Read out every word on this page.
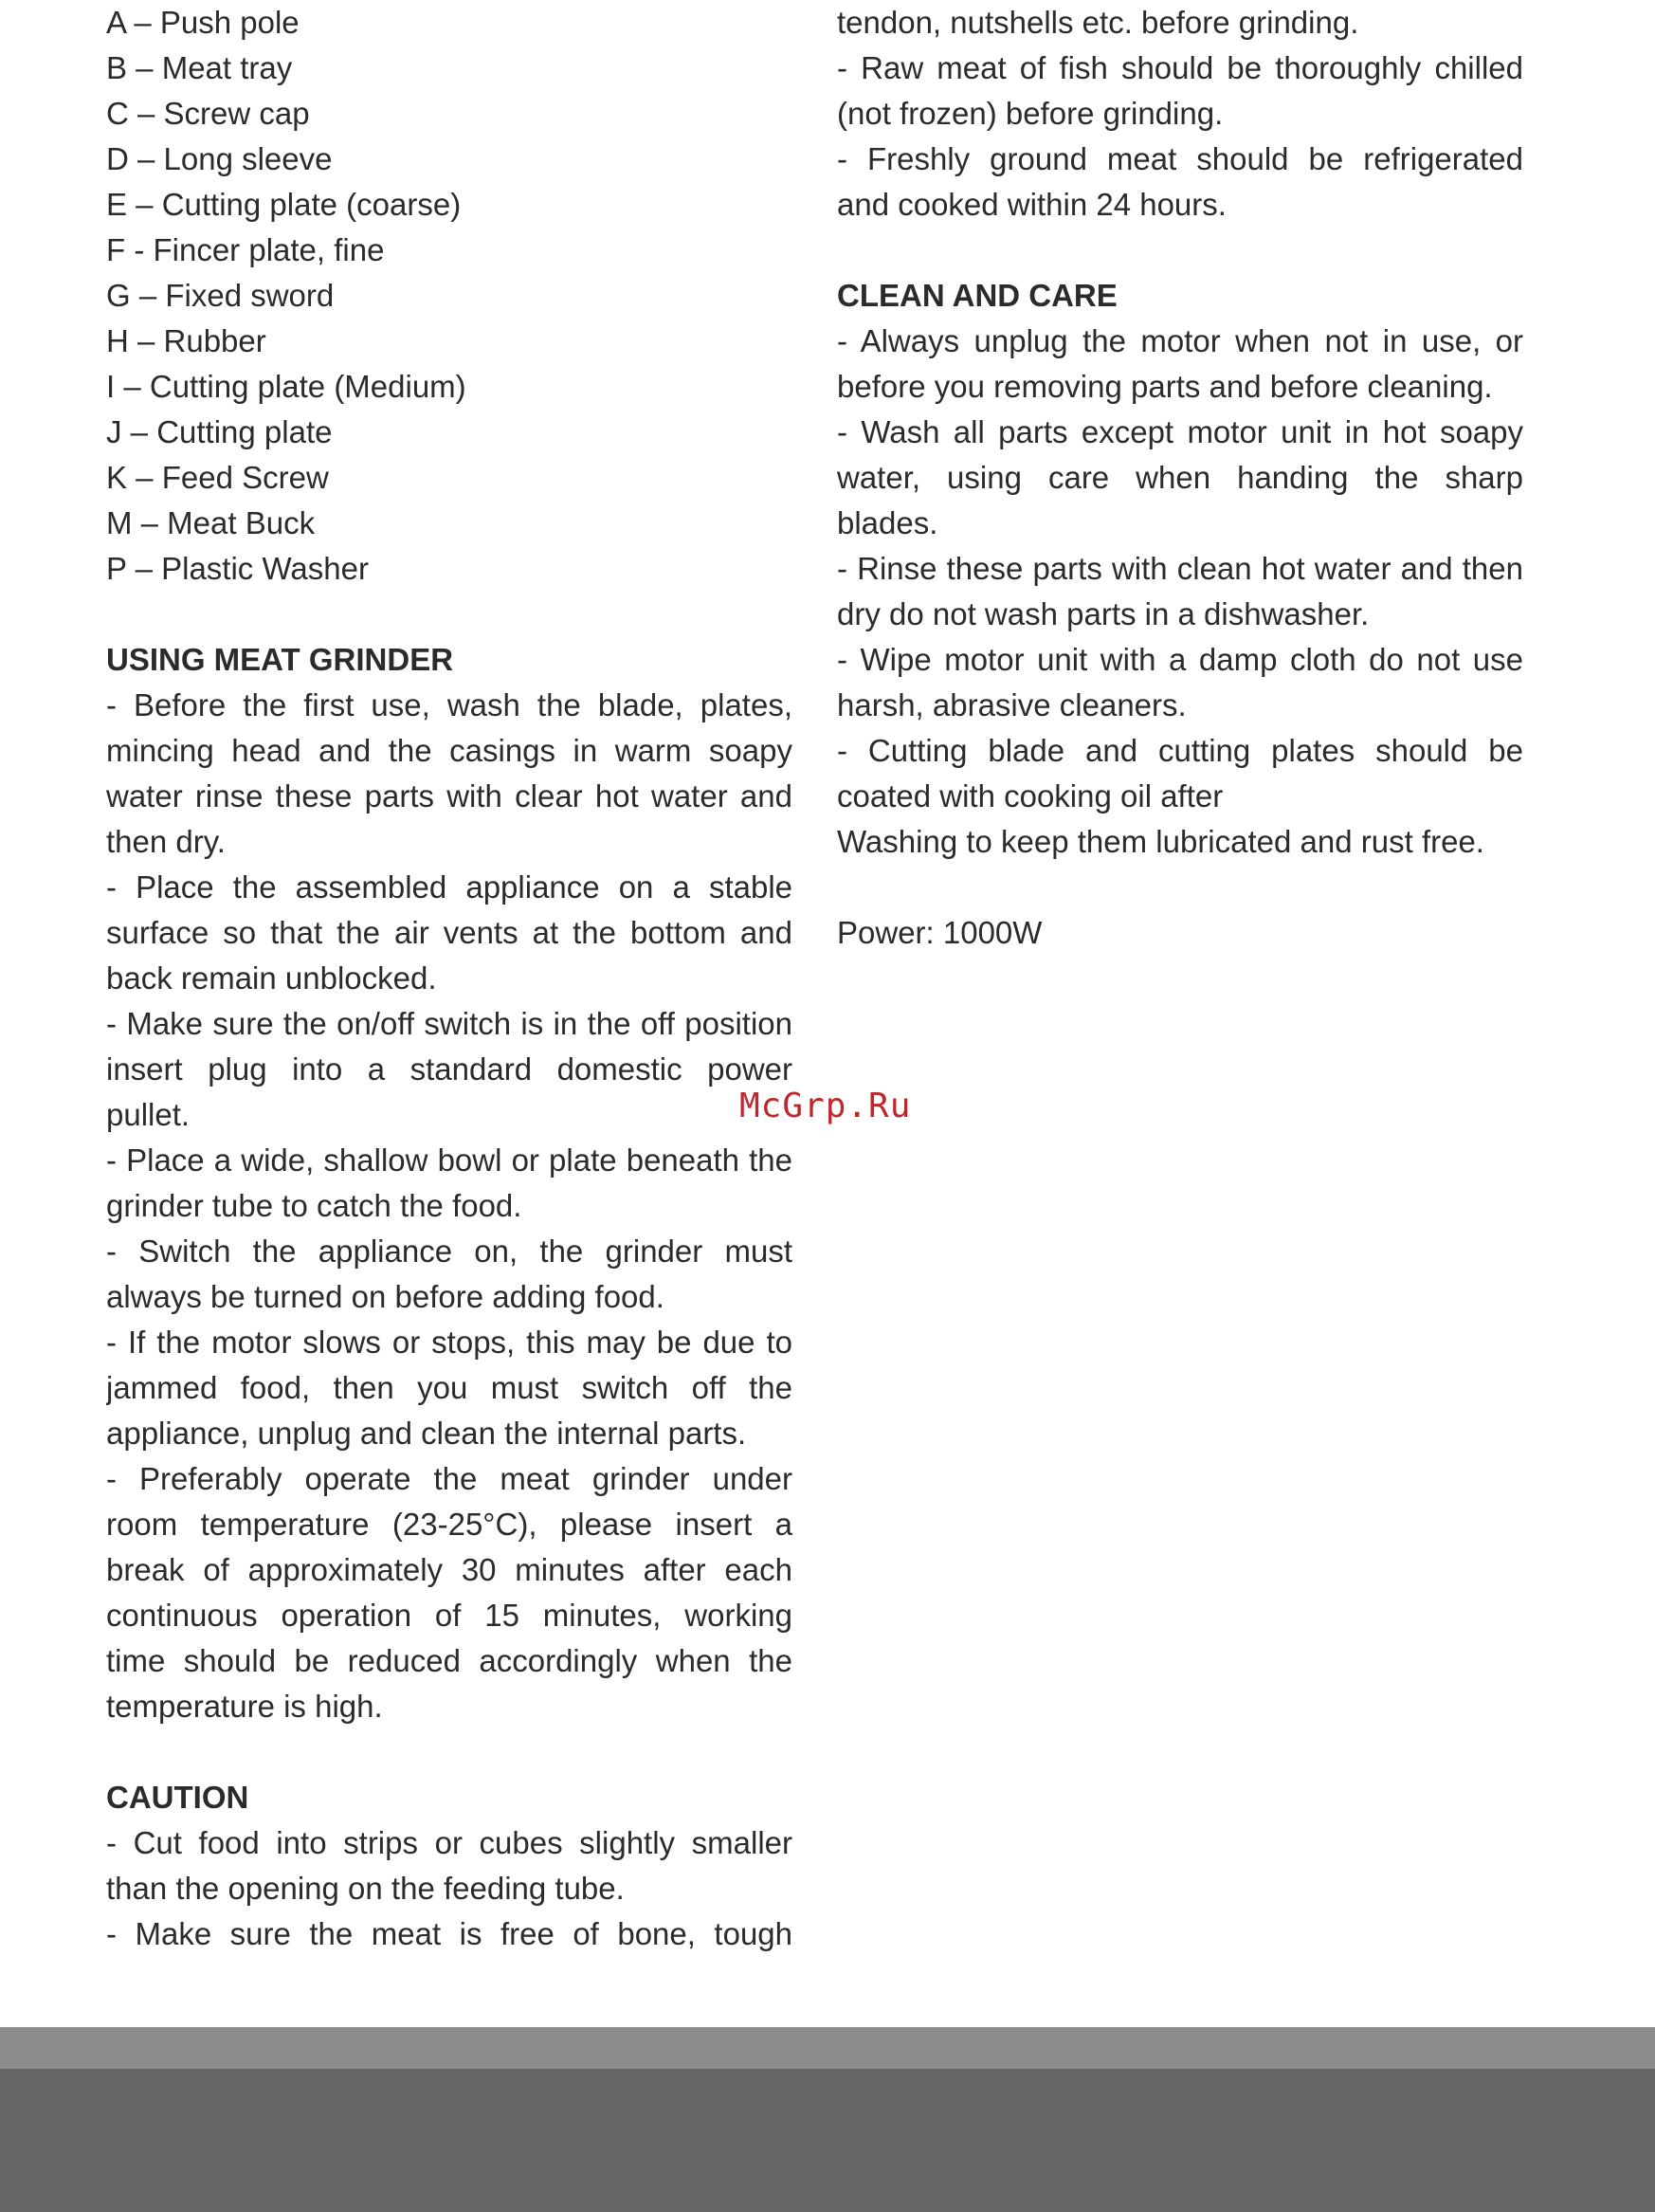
A – Push pole
B – Meat tray
C – Screw cap
D – Long sleeve
E – Cutting plate (coarse)
F - Fincer plate, fine
G – Fixed sword
H – Rubber
I – Cutting plate (Medium)
J – Cutting plate
K – Feed Screw
M – Meat Buck
P – Plastic Washer
USING MEAT GRINDER
- Before the first use, wash the blade, plates,
mincing head and the casings in warm soapy
water rinse these parts with clear hot water and
then dry.
- Place the assembled appliance on a stable
surface so that the air vents at the bottom and
back remain unblocked.
- Make sure the on/off switch is in the off position
insert plug into a standard domestic power
pullet.
- Place a wide, shallow bowl or plate beneath the
grinder tube to catch the food.
- Switch the appliance on, the grinder must
always be turned on before adding food.
- If the motor slows or stops, this may be due to
jammed food, then you must switch off the
appliance, unplug and clean the internal parts.
- Preferably operate the meat grinder under
room temperature (23-25°C), please insert a
break of approximately 30 minutes after each
continuous operation of 15 minutes, working
time should be reduced accordingly when the
temperature is high.
CAUTION
- Cut food into strips or cubes slightly smaller
than the opening on the feeding tube.
- Make sure the meat is free of bone, tough
tendon, nutshells etc. before grinding.
- Raw meat of fish should be thoroughly chilled
(not frozen) before grinding.
- Freshly ground meat should be refrigerated
and cooked within 24 hours.
CLEAN AND CARE
- Always unplug the motor when not in use, or
before you removing parts and before cleaning.
- Wash all parts except motor unit in hot soapy
water, using care when handing the sharp
blades.
- Rinse these parts with clean hot water and then
dry do not wash parts in a dishwasher.
- Wipe motor unit with a damp cloth do not use
harsh, abrasive cleaners.
- Cutting blade and cutting plates should be
coated with cooking oil after
Washing to keep them lubricated and rust free.
Power: 1000W
McGrp.Ru
